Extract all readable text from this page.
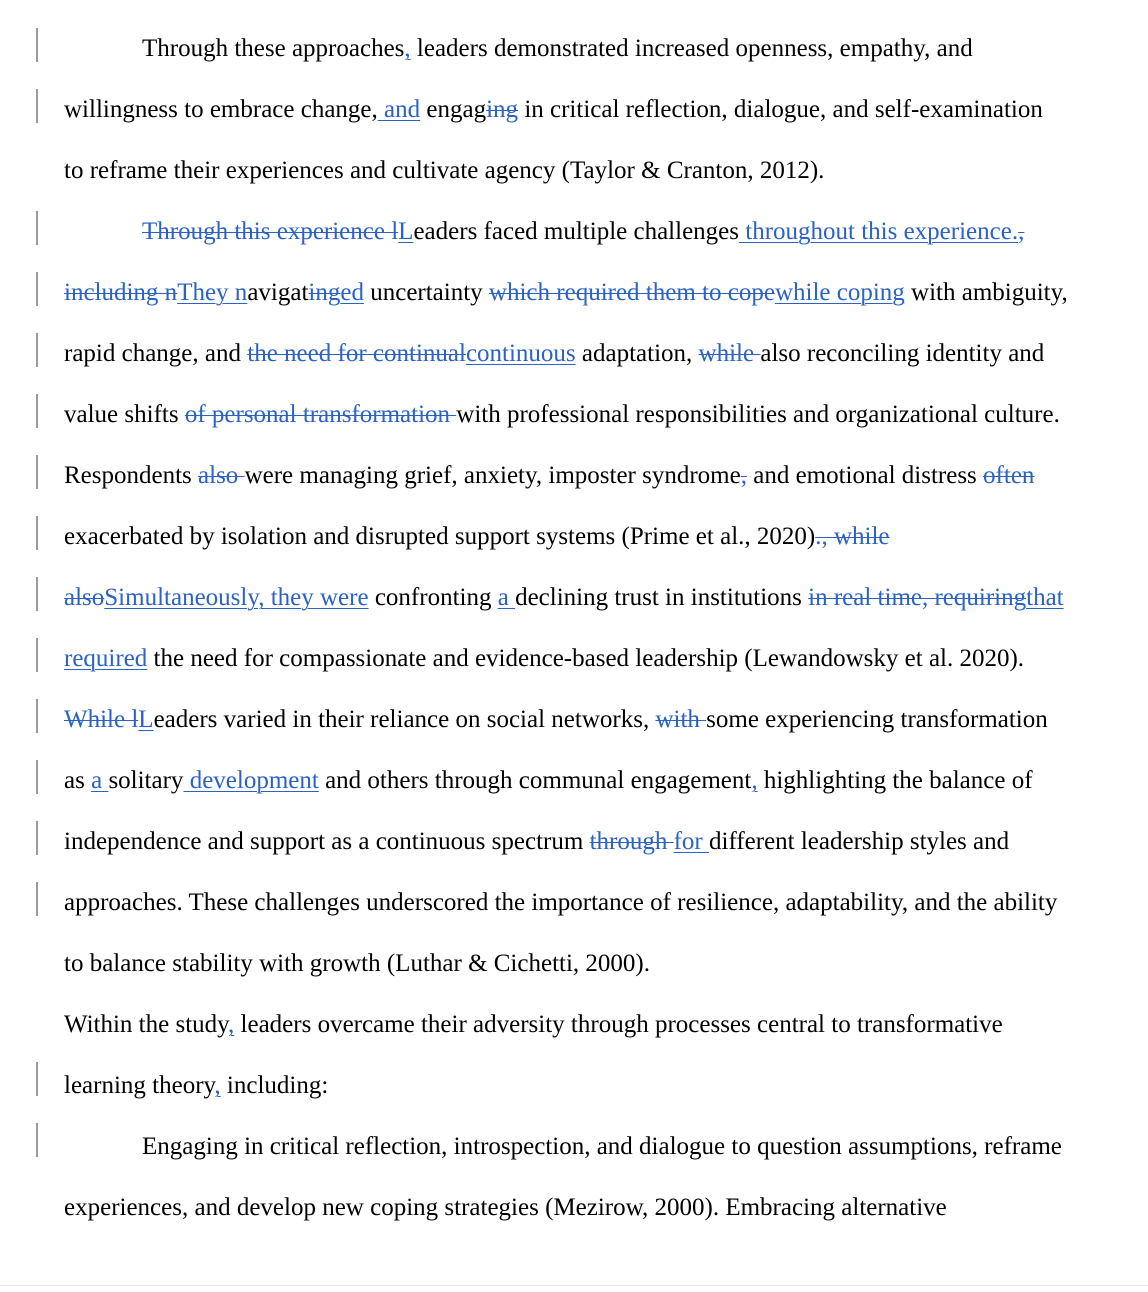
Through these approaches, leaders demonstrated increased openness, empathy, and willingness to embrace change, and engaging in critical reflection, dialogue, and self-examination to reframe their experiences and cultivate agency (Taylor & Cranton, 2012).

Through this experience lLeaders faced multiple challenges throughout this experience., including nThey navigatinged uncertainty which required them to copewhile coping with ambiguity, rapid change, and the need for continualcontinuous adaptation, while also reconciling identity and value shifts of personal transformation with professional responsibilities and organizational culture. Respondents also were managing grief, anxiety, imposter syndrome, and emotional distress often exacerbated by isolation and disrupted support systems (Prime et al., 2020)., while alsoSimultaneously, they were confronting a declining trust in institutions in real time, requiringthat required the need for compassionate and evidence-based leadership (Lewandowsky et al. 2020). While lLeaders varied in their reliance on social networks, with some experiencing transformation as a solitary development and others through communal engagement, highlighting the balance of independence and support as a continuous spectrum through for different leadership styles and approaches. These challenges underscored the importance of resilience, adaptability, and the ability to balance stability with growth (Luthar & Cichetti, 2000).

Within the study, leaders overcame their adversity through processes central to transformative learning theory, including:

Engaging in critical reflection, introspection, and dialogue to question assumptions, reframe experiences, and develop new coping strategies (Mezirow, 2000). Embracing alternative
